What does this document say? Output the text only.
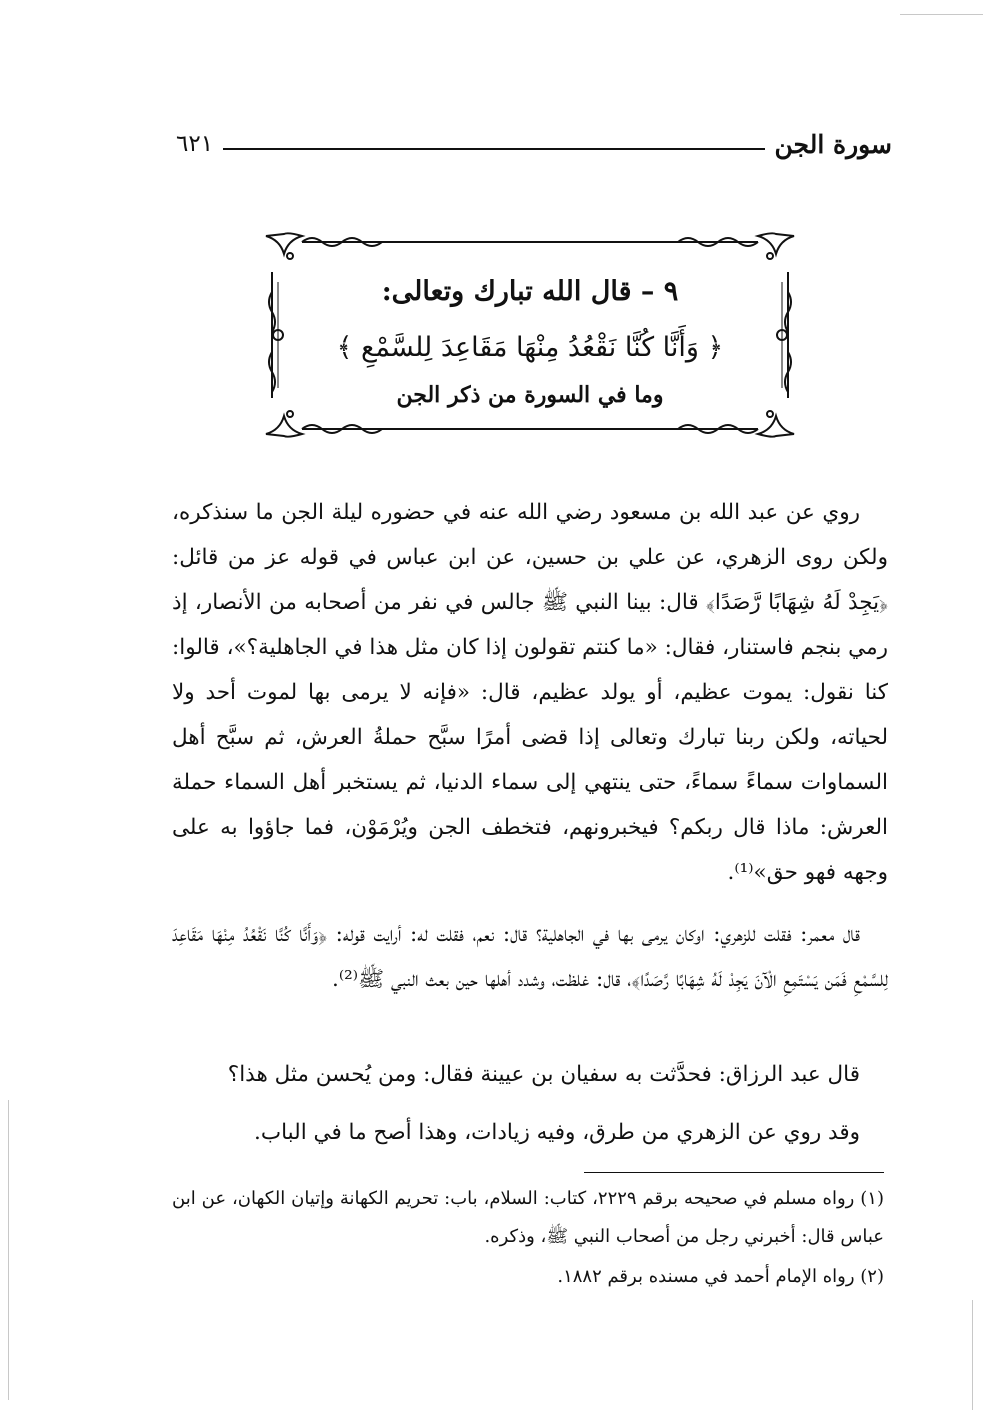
سورة الجن
٦٢١
٩ – قال الله تبارك وتعالى:
﴿ وَأَنَّا كُنَّا نَقْعُدُ مِنْهَا مَقَاعِدَ لِلسَّمْعِ ﴾
وما في السورة من ذكر الجن

روي عن عبد الله بن مسعود رضي الله عنه في حضوره ليلة الجن ما سنذكره، ولكن روى الزهري، عن علي بن حسين، عن ابن عباس في قوله عز من قائل: ﴿يَجِدْ لَهُ شِهَابًا رَّصَدًا﴾ قال: بينا النبي ﷺ جالس في نفر من أصحابه من الأنصار، إذ رمي بنجم فاستنار، فقال: «ما كنتم تقولون إذا كان مثل هذا في الجاهلية؟»، قالوا: كنا نقول: يموت عظيم، أو يولد عظيم، قال: «فإنه لا يرمى بها لموت أحد ولا لحياته، ولكن ربنا تبارك وتعالى إذا قضى أمرًا سبَّح حملةُ العرش، ثم سبَّح أهل السماوات سماءً سماءً، حتى ينتهي إلى سماء الدنيا، ثم يستخبر أهل السماء حملة العرش: ماذا قال ربكم؟ فيخبرونهم، فتخطف الجن ويُرْمَوْن، فما جاؤوا به على وجهه فهو حق»⁽¹⁾.

قال معمر: فقلت للزهري: اوكان يرمى بها في الجاهلية؟ قال: نعم، فقلت له: أرايت قوله: ﴿وَأَنَّا كُنَّا نَقْعُدُ مِنْهَا مَقَاعِدَ لِلسَّمْعِ فَمَن يَسْتَمِعِ الْآنَ يَجِدْ لَهُ شِهَابًا رَّصَدًا﴾، قال: غلظت، وشدد أهلها حين بعث النبي ﷺ⁽²⁾.

قال عبد الرزاق: فحدَّثت به سفيان بن عيينة فقال: ومن يُحسن مثل هذا؟

وقد روي عن الزهري من طرق، وفيه زيادات، وهذا أصح ما في الباب.

(١) رواه مسلم في صحيحه برقم ٢٢٢٩، كتاب: السلام، باب: تحريم الكهانة وإتيان الكهان، عن ابن عباس قال: أخبرني رجل من أصحاب النبي ﷺ، وذكره.

(٢) رواه الإمام أحمد في مسنده برقم ١٨٨٢.
